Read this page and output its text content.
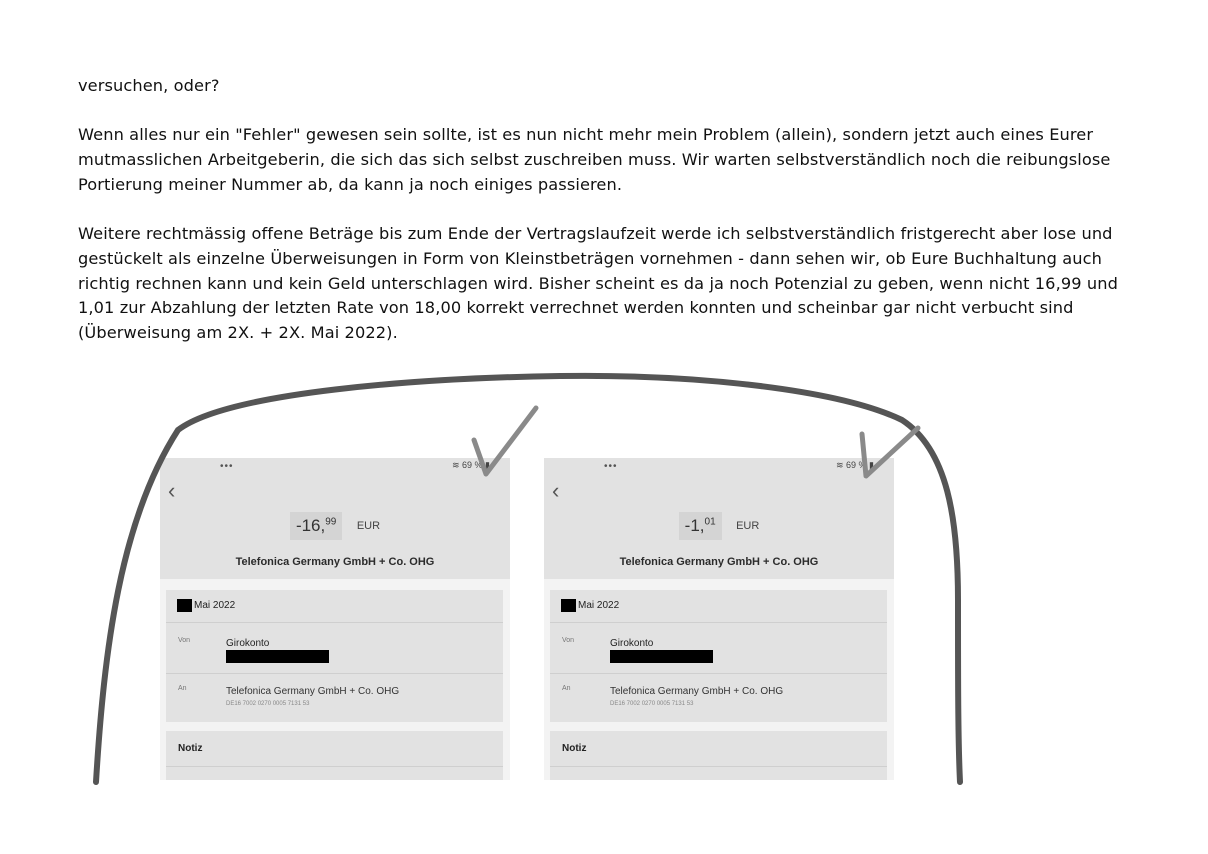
versuchen, oder?

Wenn alles nur ein "Fehler" gewesen sein sollte, ist es nun nicht mehr mein Problem (allein), sondern jetzt auch eines Eurer
mutmasslichen Arbeitgeberin, die sich das sich selbst zuschreiben muss. Wir warten selbstverständlich noch die reibungslose
Portierung meiner Nummer ab, da kann ja noch einiges passieren.

Weitere rechtmässig offene Beträge bis zum Ende der Vertragslaufzeit werde ich selbstverständlich fristgerecht aber lose und
gestückelt als einzelne Überweisungen in Form von Kleinstbeträgen vornehmen - dann sehen wir, ob Eure Buchhaltung auch
richtig rechnen kann und kein Geld unterschlagen wird. Bisher scheint es da ja noch Potenzial zu geben, wenn nicht 16,99 und
1,01 zur Abzahlung der letzten Rate von 18,00 korrekt verrechnet werden konnten und scheinbar gar nicht verbucht sind
(Überweisung am 2X. + 2X. Mai 2022).

•••	≋ 69 % ▮
‹
-16,99 EUR
Telefonica Germany GmbH + Co. OHG
Mai 2022
Von	Girokonto
An	Telefonica Germany GmbH + Co. OHG
DE16 7002 0270 0005 7131 53
Notiz
•••	≋ 69 % ▮
‹
-1,01 EUR
Telefonica Germany GmbH + Co. OHG
Mai 2022
Von	Girokonto
An	Telefonica Germany GmbH + Co. OHG
DE16 7002 0270 0005 7131 53
Notiz
